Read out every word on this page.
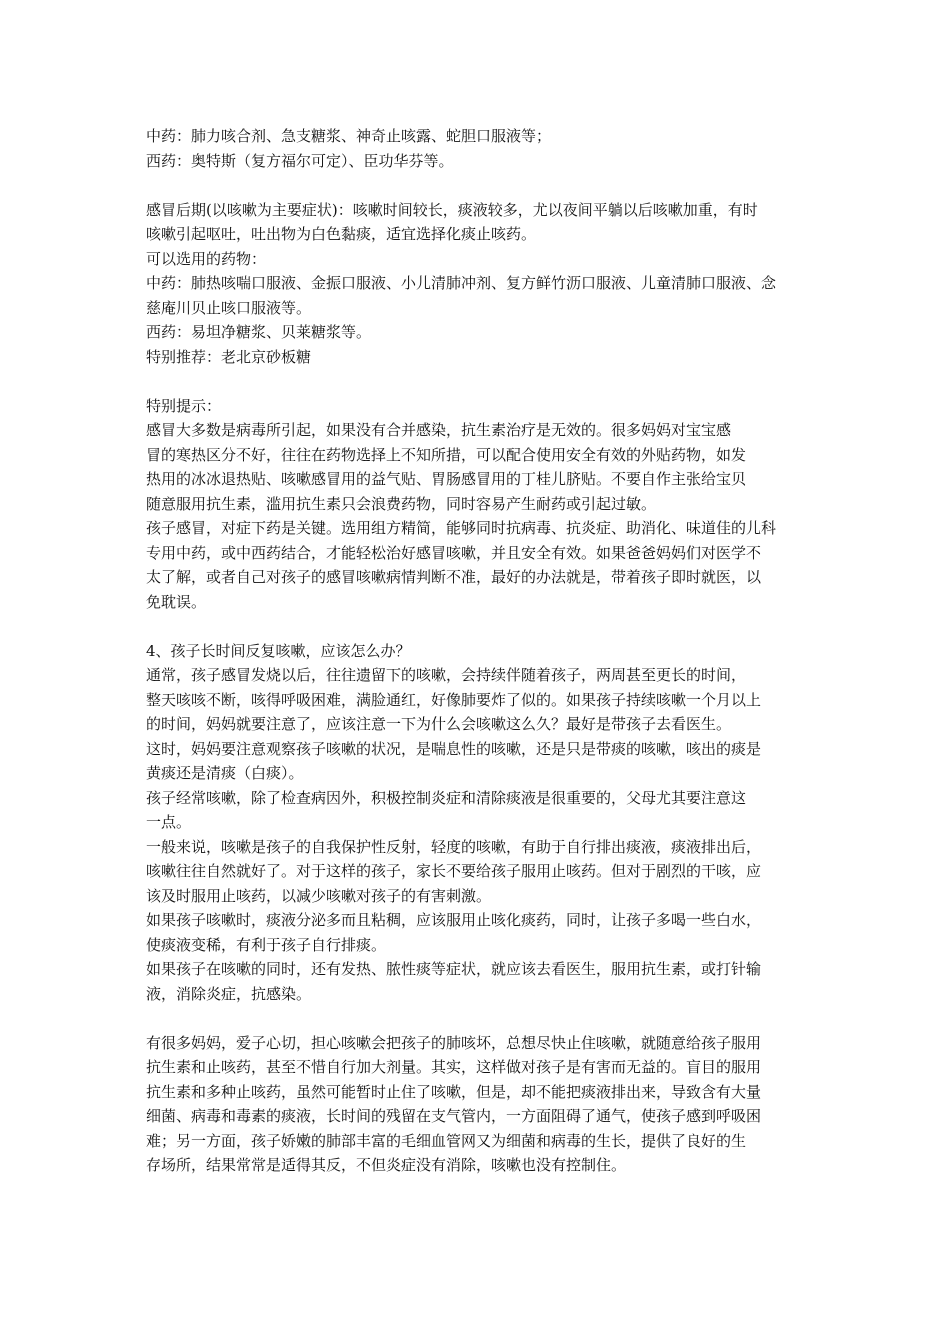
中药：肺力咳合剂、急支糖浆、神奇止咳露、蛇胆口服液等；
西药：奥特斯（复方福尔可定）、臣功华芬等。
感冒后期(以咳嗽为主要症状)：咳嗽时间较长，痰液较多，尤以夜间平躺以后咳嗽加重，有时
咳嗽引起呕吐，吐出物为白色黏痰，适宜选择化痰止咳药。
可以选用的药物：
中药：肺热咳喘口服液、金振口服液、小儿清肺冲剂、复方鲜竹沥口服液、儿童清肺口服液、念
慈庵川贝止咳口服液等。
西药：易坦净糖浆、贝莱糖浆等。
特别推荐：老北京砂板糖
特别提示：
感冒大多数是病毒所引起，如果没有合并感染，抗生素治疗是无效的。很多妈妈对宝宝感
冒的寒热区分不好，往往在药物选择上不知所措，可以配合使用安全有效的外贴药物，如发
热用的冰冰退热贴、咳嗽感冒用的益气贴、胃肠感冒用的丁桂儿脐贴。不要自作主张给宝贝
随意服用抗生素，滥用抗生素只会浪费药物，同时容易产生耐药或引起过敏。
孩子感冒，对症下药是关键。选用组方精简，能够同时抗病毒、抗炎症、助消化、味道佳的儿科
专用中药，或中西药结合，才能轻松治好感冒咳嗽，并且安全有效。如果爸爸妈妈们对医学不
太了解，或者自己对孩子的感冒咳嗽病情判断不准，最好的办法就是，带着孩子即时就医，以
免耽误。
4、孩子长时间反复咳嗽，应该怎么办？
通常，孩子感冒发烧以后，往往遗留下的咳嗽，会持续伴随着孩子，两周甚至更长的时间，
整天咳咳不断，咳得呼吸困难，满脸通红，好像肺要炸了似的。如果孩子持续咳嗽一个月以上
的时间，妈妈就要注意了，应该注意一下为什么会咳嗽这么久？最好是带孩子去看医生。
这时，妈妈要注意观察孩子咳嗽的状况，是喘息性的咳嗽，还是只是带痰的咳嗽，咳出的痰是
黄痰还是清痰（白痰）。
孩子经常咳嗽，除了检查病因外，积极控制炎症和清除痰液是很重要的，父母尤其要注意这
一点。
一般来说，咳嗽是孩子的自我保护性反射，轻度的咳嗽，有助于自行排出痰液，痰液排出后，
咳嗽往往自然就好了。对于这样的孩子，家长不要给孩子服用止咳药。但对于剧烈的干咳，应
该及时服用止咳药，以减少咳嗽对孩子的有害刺激。
如果孩子咳嗽时，痰液分泌多而且粘稠，应该服用止咳化痰药，同时，让孩子多喝一些白水，
使痰液变稀，有利于孩子自行排痰。
如果孩子在咳嗽的同时，还有发热、脓性痰等症状，就应该去看医生，服用抗生素，或打针输
液，消除炎症，抗感染。
有很多妈妈，爱子心切，担心咳嗽会把孩子的肺咳坏，总想尽快止住咳嗽，就随意给孩子服用
抗生素和止咳药，甚至不惜自行加大剂量。其实，这样做对孩子是有害而无益的。盲目的服用
抗生素和多种止咳药，虽然可能暂时止住了咳嗽，但是，却不能把痰液排出来，导致含有大量
细菌、病毒和毒素的痰液，长时间的残留在支气管内，一方面阻碍了通气，使孩子感到呼吸困
难；另一方面，孩子娇嫩的肺部丰富的毛细血管网又为细菌和病毒的生长，提供了良好的生
存场所，结果常常是适得其反，不但炎症没有消除，咳嗽也没有控制住。
